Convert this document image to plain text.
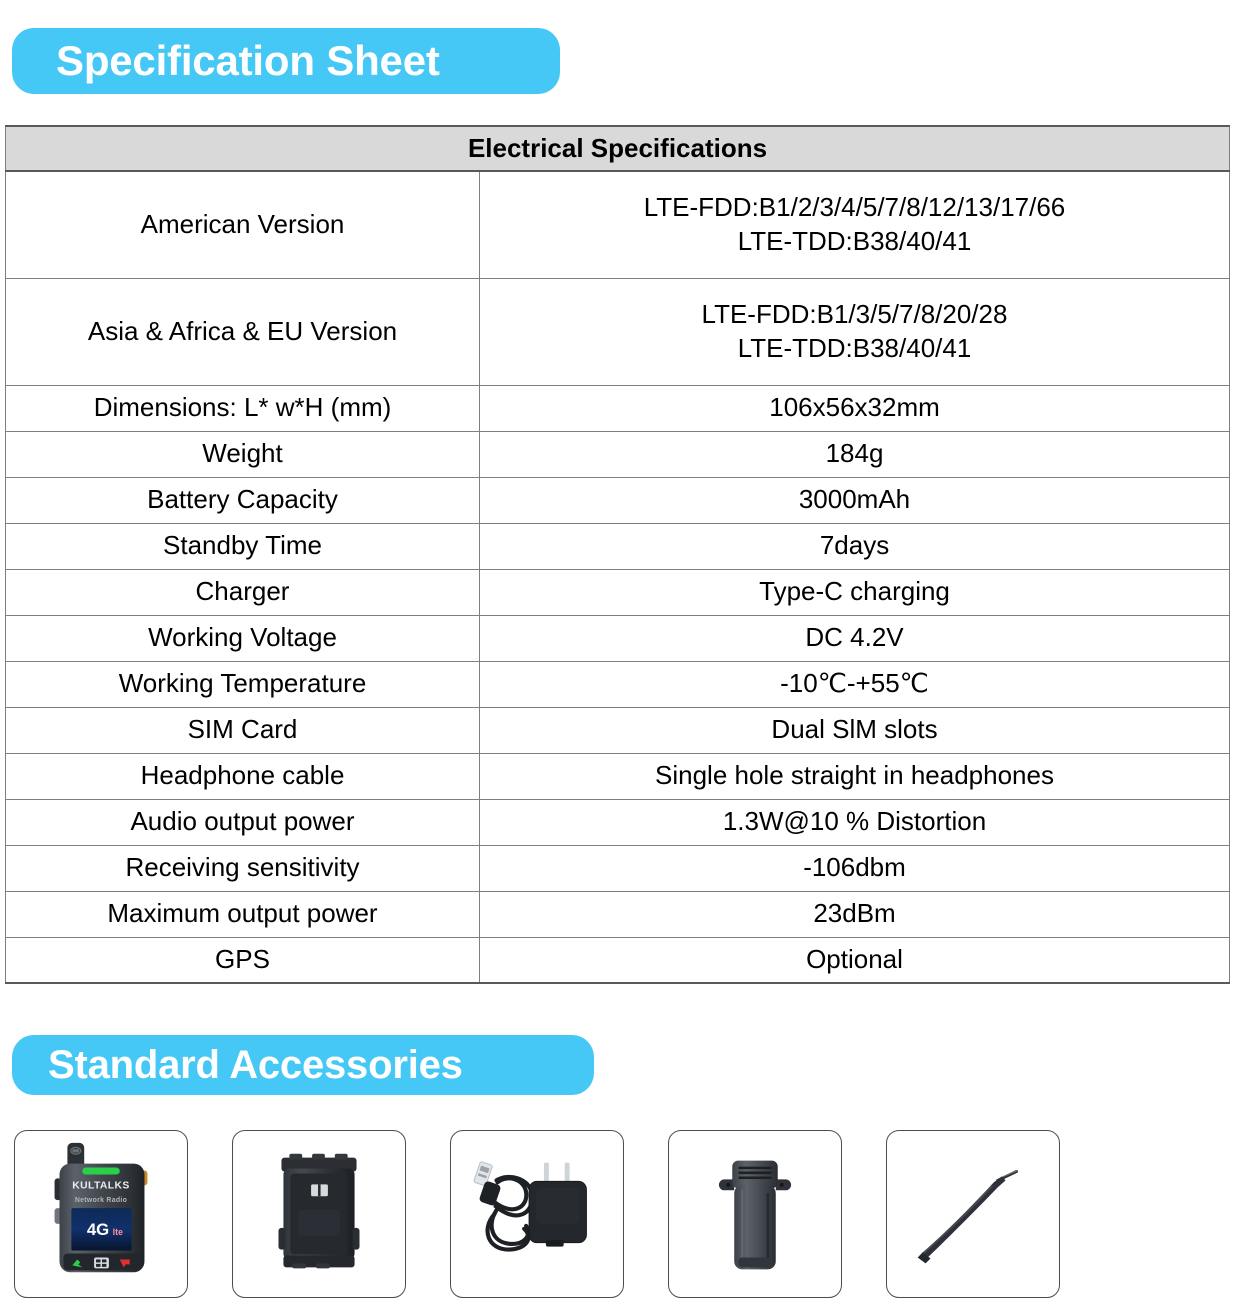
Specification Sheet
Electrical Specifications	
American Version	LTE-FDD:B1/2/3/4/5/7/8/12/13/17/66
LTE-TDD:B38/40/41

Asia & Africa & EU Version	LTE-FDD:B1/3/5/7/8/20/28
LTE-TDD:B38/40/41

Dimensions: L* w*H (mm)	106x56x32mm
Weight	184g
Battery Capacity	3000mAh
Standby Time	7days
Charger	Type-C charging
Working Voltage	DC 4.2V
Working Temperature	-10℃-+55℃
SIM Card	Dual SlM slots
Headphone cable	Single hole straight in headphones
Audio output power	1.3W@10 % Distortion
Receiving sensitivity	-106dbm
Maximum output power	23dBm
GPS	Optional
Standard Accessories
KULTALKS
Network Radio
4G lte
